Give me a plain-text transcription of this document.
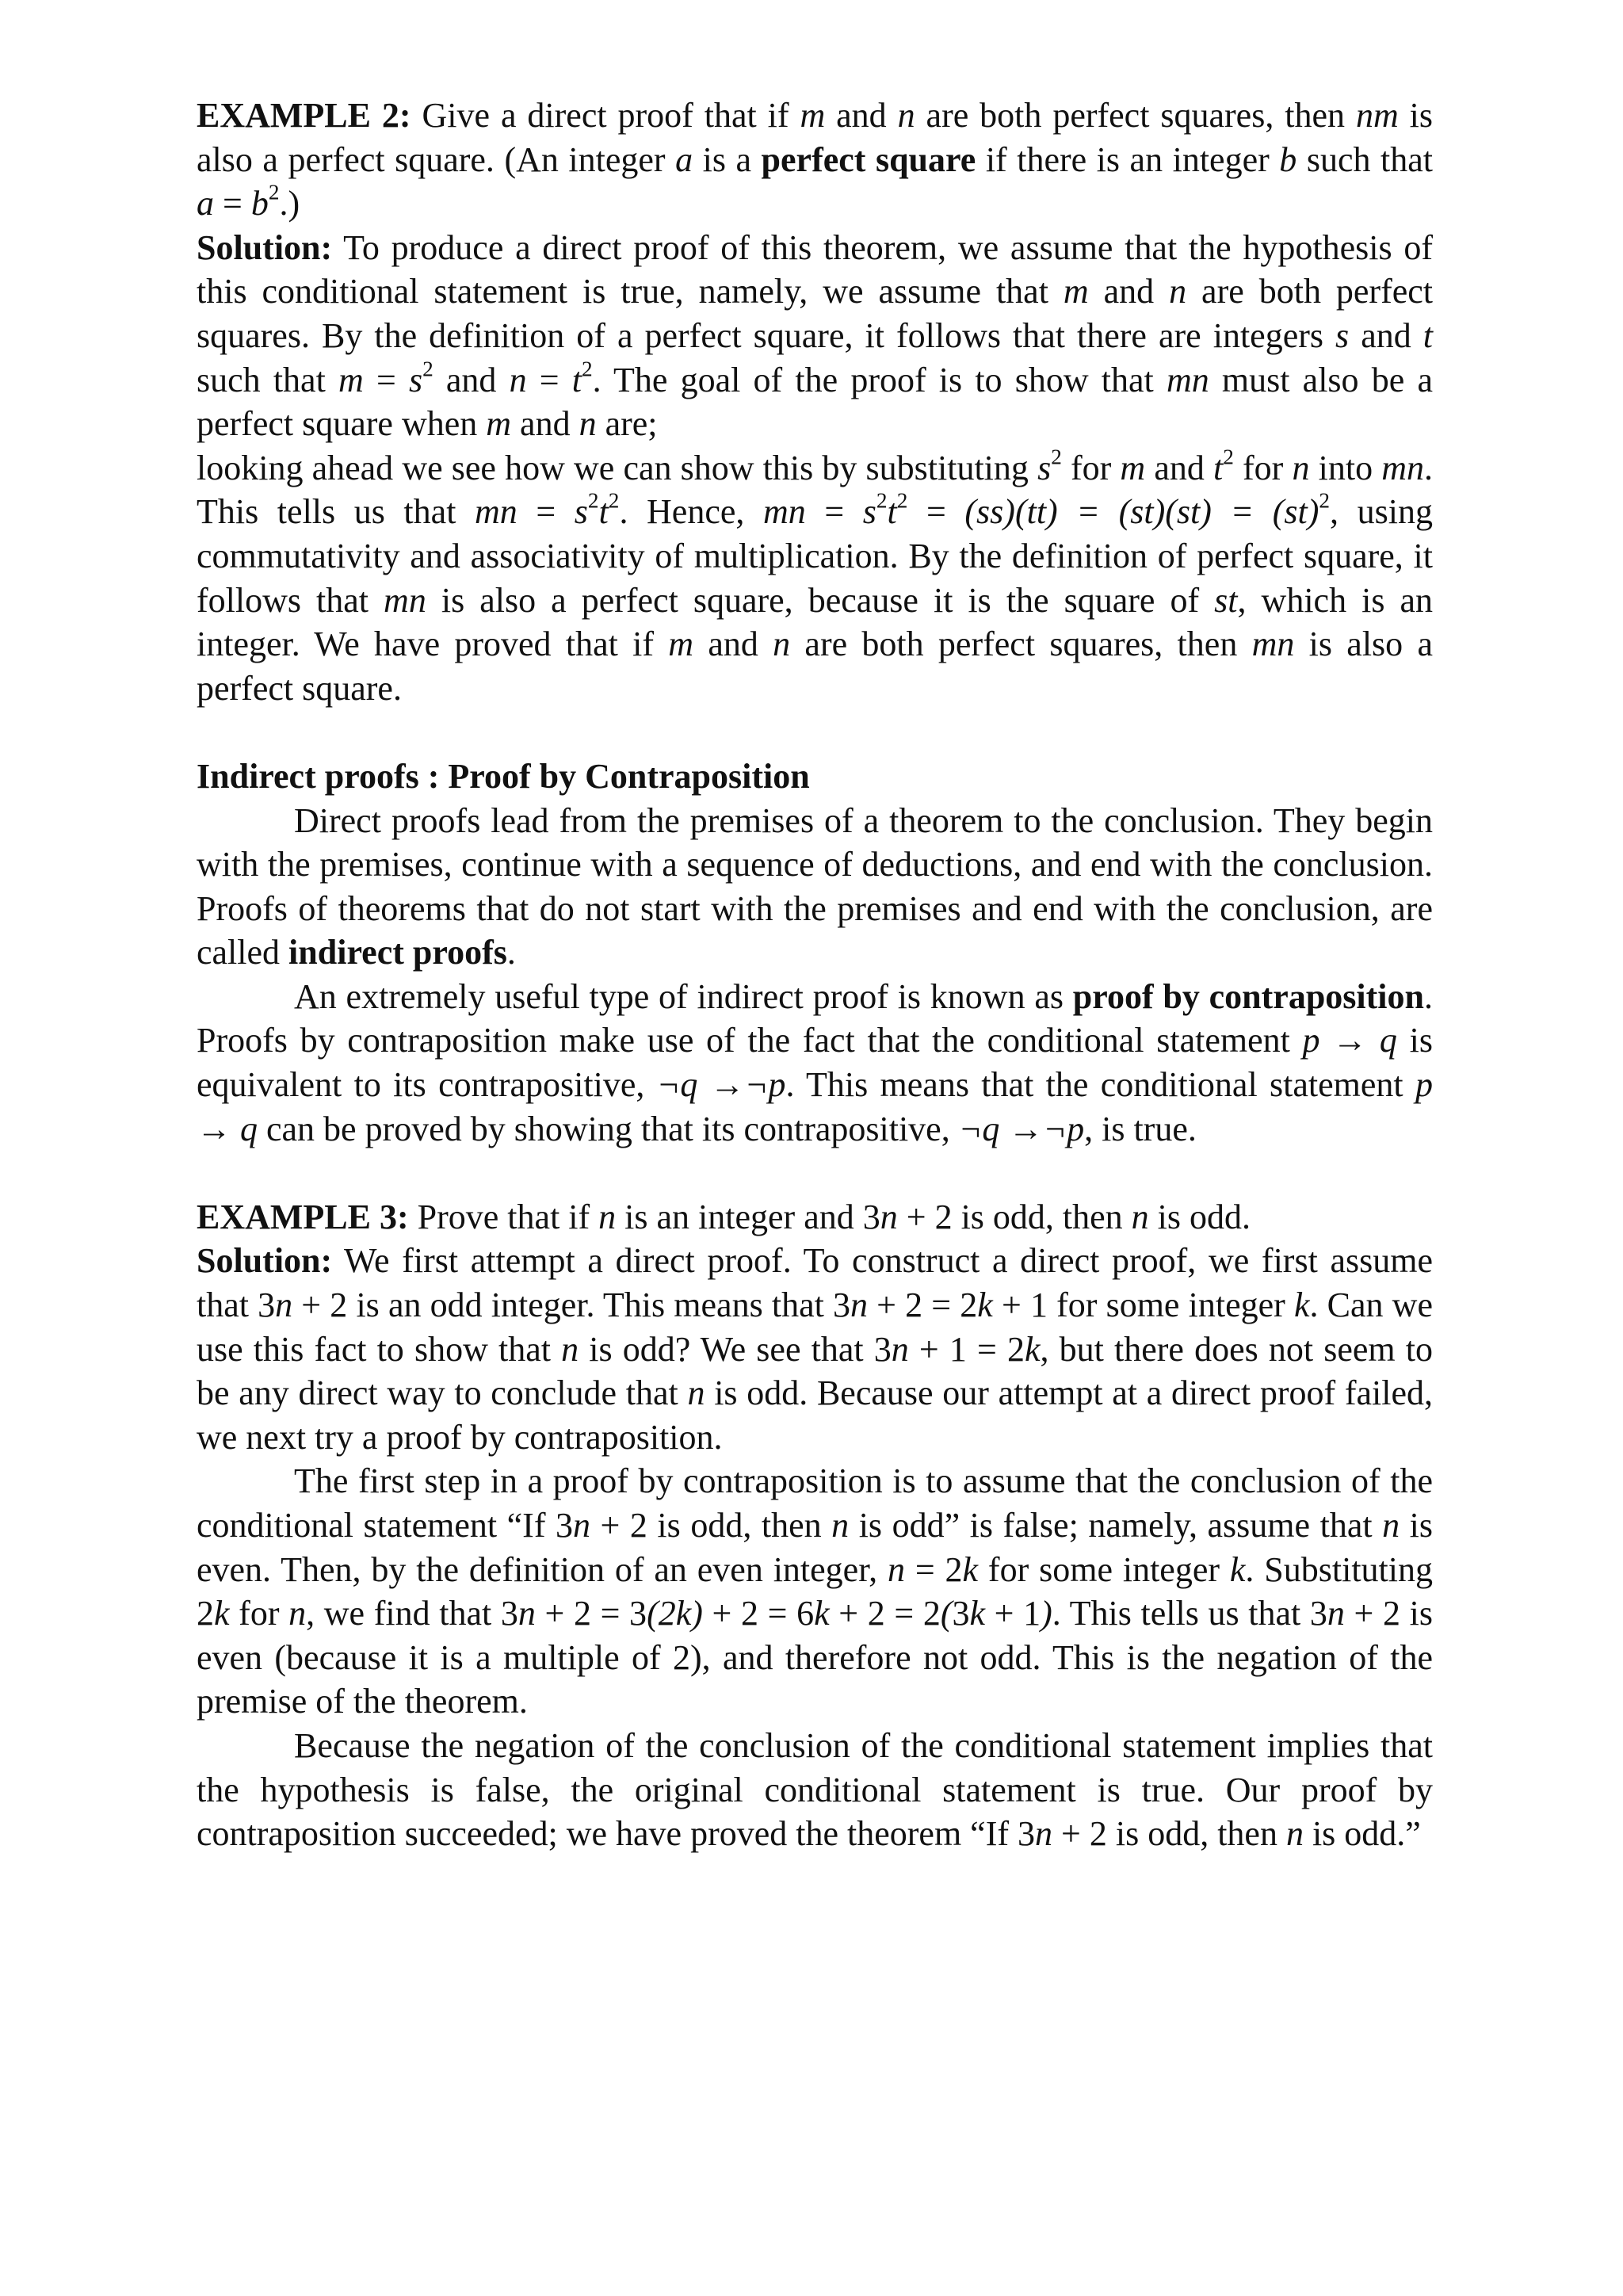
EXAMPLE 2: Give a direct proof that if m and n are both perfect squares, then nm is also a perfect square. (An integer a is a perfect square if there is an integer b such that $a = b^2$.)

Solution: To produce a direct proof of this theorem, we assume that the hypothesis of this conditional statement is true, namely, we assume that m and n are both perfect squares. By the definition of a perfect square, it follows that there are integers s and t such that $m = s^2$ and $n = t^2$. The goal of the proof is to show that mn must also be a perfect square when m and n are;

looking ahead we see how we can show this by substituting $s^2$ for m and $t^2$ for n into mn. This tells us that mn = $s^2t^2$. Hence, mn = $s^2t^2 = (ss)(tt) = (st)(st) = (st)^2$, using commutativity and associativity of multiplication. By the definition of perfect square, it follows that mn is also a perfect square, because it is the square of st, which is an integer. We have proved that if m and n are both perfect squares, then mn is also a perfect square.

Indirect proofs : Proof by Contraposition

Direct proofs lead from the premises of a theorem to the conclusion. They begin with the premises, continue with a sequence of deductions, and end with the conclusion. Proofs of theorems that do not start with the premises and end with the conclusion, are called indirect proofs.

An extremely useful type of indirect proof is known as proof by contraposition. Proofs by contraposition make use of the fact that the conditional statement p → q is equivalent to its contrapositive, ¬q →¬p. This means that the conditional statement p → q can be proved by showing that its contrapositive, ¬q →¬p, is true.

EXAMPLE 3: Prove that if n is an integer and 3n + 2 is odd, then n is odd.

Solution: We first attempt a direct proof. To construct a direct proof, we first assume that 3n + 2 is an odd integer. This means that 3n + 2 = 2k + 1 for some integer k. Can we use this fact to show that n is odd? We see that 3n + 1 = 2k, but there does not seem to be any direct way to conclude that n is odd. Because our attempt at a direct proof failed, we next try a proof by contraposition.

The first step in a proof by contraposition is to assume that the conclusion of the conditional statement “If 3n + 2 is odd, then n is odd” is false; namely, assume that n is even. Then, by the definition of an even integer, n = 2k for some integer k. Substituting 2k for n, we find that 3n + 2 = 3(2k) + 2 = 6k + 2 = 2(3k + 1). This tells us that 3n + 2 is even (because it is a multiple of 2), and therefore not odd. This is the negation of the premise of the theorem.

Because the negation of the conclusion of the conditional statement implies that the hypothesis is false, the original conditional statement is true. Our proof by contraposition succeeded; we have proved the theorem “If 3n + 2 is odd, then n is odd.”
